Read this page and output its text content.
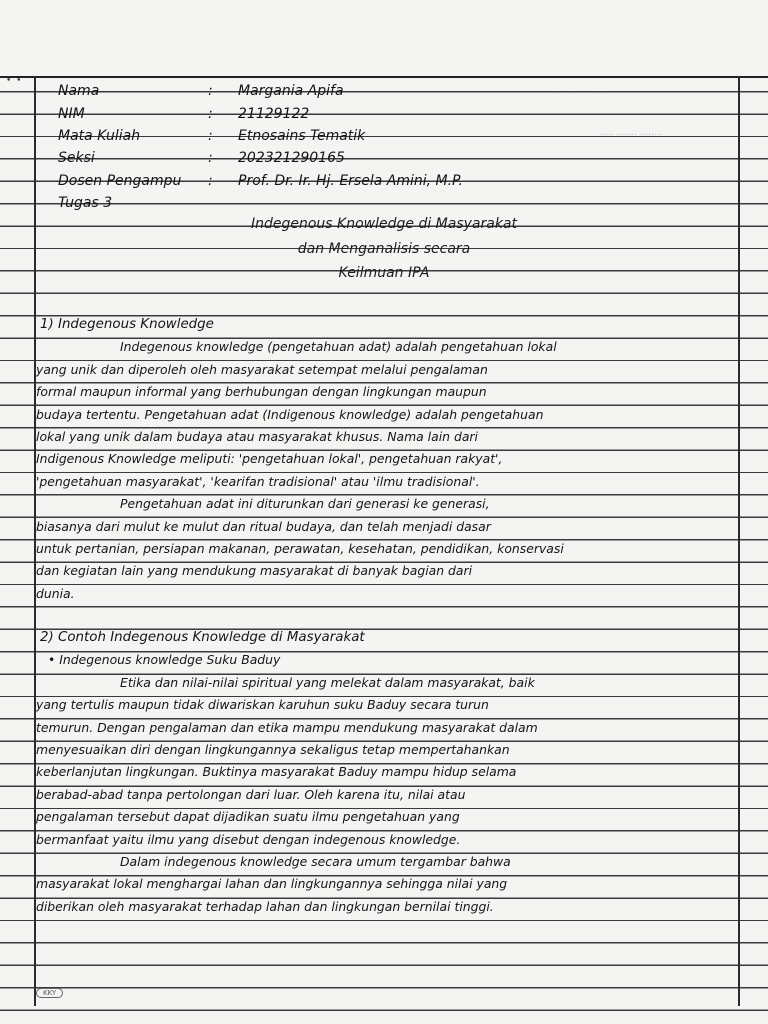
• •
......... ..... ........
..... ....... ........
Nama	:	Margania Apifa
NIM	:	21129122
Mata Kuliah	:	Etnosains Tematik
Seksi	:	202321290165
Dosen Pengampu	:	Prof. Dr. Ir. Hj. Ersela Amini, M.P.
Tugas 3
Indegenous Knowledge di Masyarakat
dan Menganalisis secara
Keilmuan IPA
1) Indegenous Knowledge
Indegenous knowledge (pengetahuan adat) adalah pengetahuan lokal
yang unik dan diperoleh oleh masyarakat setempat melalui pengalaman
formal maupun informal yang berhubungan dengan lingkungan maupun
budaya tertentu. Pengetahuan adat (Indigenous knowledge) adalah pengetahuan
lokal yang unik dalam budaya atau masyarakat khusus. Nama lain dari
Indigenous Knowledge meliputi: 'pengetahuan lokal', pengetahuan rakyat',
'pengetahuan masyarakat', 'kearifan tradisional' atau 'ilmu tradisional'.
Pengetahuan adat ini diturunkan dari generasi ke generasi,
biasanya dari mulut ke mulut dan ritual budaya, dan telah menjadi dasar
untuk pertanian, persiapan makanan, perawatan, kesehatan, pendidikan, konservasi
dan kegiatan lain yang mendukung masyarakat di banyak bagian dari
dunia.
2) Contoh Indegenous Knowledge di Masyarakat
• Indegenous knowledge Suku Baduy
Etika dan nilai-nilai spiritual yang melekat dalam masyarakat, baik
yang tertulis maupun tidak diwariskan karuhun suku Baduy secara turun
temurun. Dengan pengalaman dan etika mampu mendukung masyarakat dalam
menyesuaikan diri dengan lingkungannya sekaligus tetap mempertahankan
keberlanjutan lingkungan. Buktinya masyarakat Baduy mampu hidup selama
berabad-abad tanpa pertolongan dari luar. Oleh karena itu, nilai atau
pengalaman tersebut dapat dijadikan suatu ilmu pengetahuan yang
bermanfaat yaitu ilmu yang disebut dengan indegenous knowledge.
Dalam indegenous knowledge secara umum tergambar bahwa
masyarakat lokal menghargai lahan dan lingkungannya sehingga nilai yang
diberikan oleh masyarakat terhadap lahan dan lingkungan bernilai tinggi.
KKY
